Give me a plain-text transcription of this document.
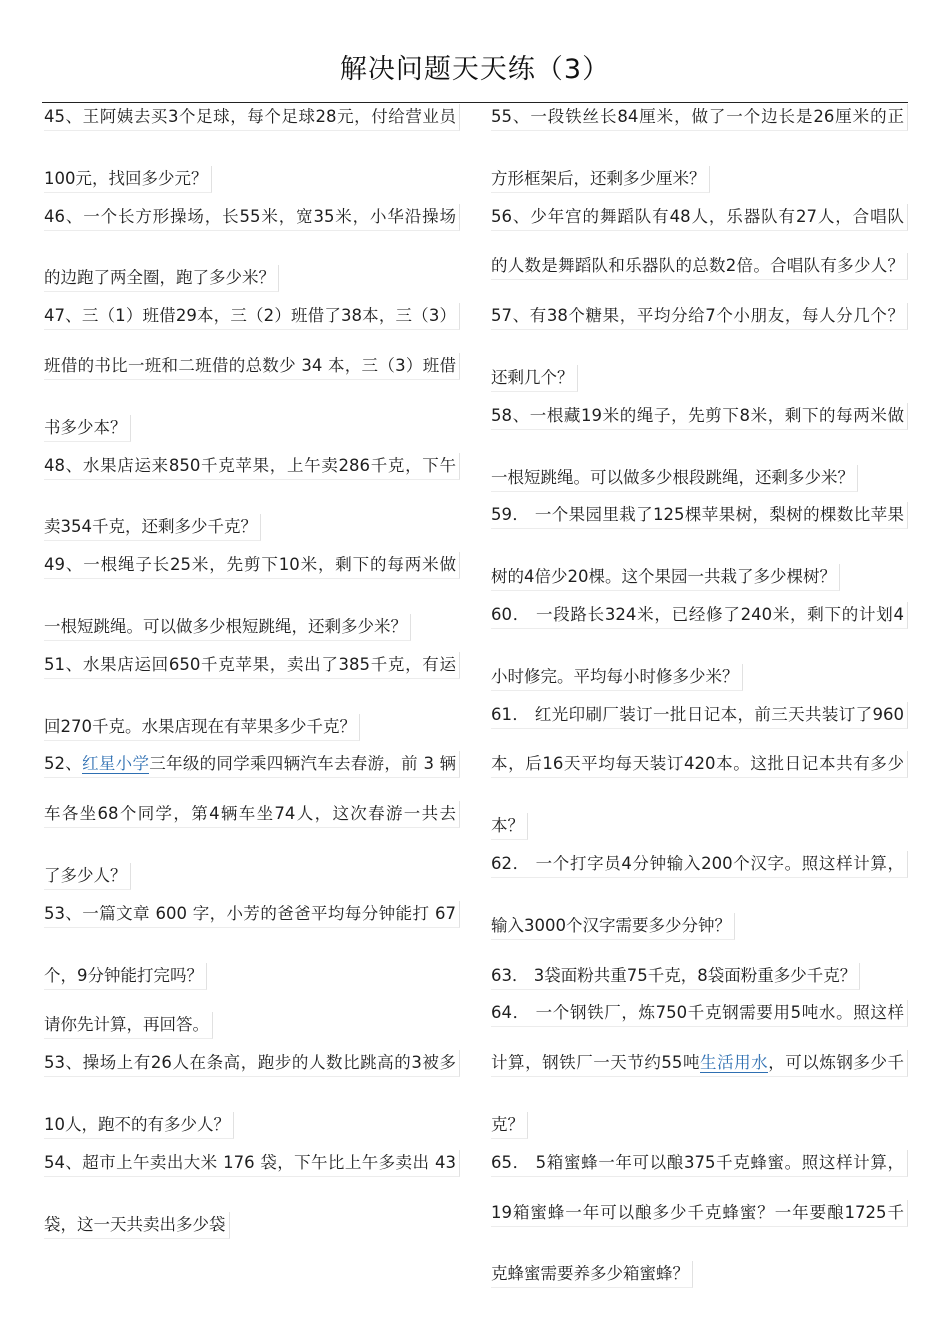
解决问题天天练（3）
45、王阿姨去买3个足球，每个足球28元，付给营业员
100元，找回多少元？
46、一个长方形操场，长55米，宽35米，小华沿操场
的边跑了两全圈，跑了多少米？
47、三（1）班借29本，三（2）班借了38本，三（3）
班借的书比一班和二班借的总数少 34 本，三（3）班借
书多少本？
48、水果店运来850千克苹果，上午卖286千克，下午
卖354千克，还剩多少千克？
49、一根绳子长25米，先剪下10米，剩下的每两米做
一根短跳绳。可以做多少根短跳绳，还剩多少米？
51、水果店运回650千克苹果，卖出了385千克，有运
回270千克。水果店现在有苹果多少千克？
52、红星小学三年级的同学乘四辆汽车去春游，前 3 辆
车各坐68个同学，第4辆车坐74人，这次春游一共去
了多少人？
53、一篇文章 600 字，小芳的爸爸平均每分钟能打 67
个，9分钟能打完吗？
请你先计算，再回答。
53、操场上有26人在条高，跑步的人数比跳高的3被多
10人，跑不的有多少人？
54、超市上午卖出大米 176 袋，下午比上午多卖出 43
袋，这一天共卖出多少袋
55、一段铁丝长84厘米，做了一个边长是26厘米的正
方形框架后，还剩多少厘米？
56、少年宫的舞蹈队有48人，乐器队有27人，合唱队
的人数是舞蹈队和乐器队的总数2倍。合唱队有多少人？
57、有38个糖果，平均分给7个小朋友，每人分几个？
还剩几个？
58、一根藏19米的绳子，先剪下8米，剩下的每两米做
一根短跳绳。可以做多少根段跳绳，还剩多少米？
59． 一个果园里栽了125棵苹果树，梨树的棵数比苹果
树的4倍少20棵。这个果园一共栽了多少棵树？
60． 一段路长324米，已经修了240米，剩下的计划4
小时修完。平均每小时修多少米？
61． 红光印刷厂装订一批日记本，前三天共装订了960
本，后16天平均每天装订420本。这批日记本共有多少
本？
62． 一个打字员4分钟输入200个汉字。照这样计算，
输入3000个汉字需要多少分钟？
63． 3袋面粉共重75千克，8袋面粉重多少千克？
64． 一个钢铁厂，炼750千克钢需要用5吨水。照这样
计算，钢铁厂一天节约55吨生活用水，可以炼钢多少千
克？
65． 5箱蜜蜂一年可以酿375千克蜂蜜。照这样计算，
19箱蜜蜂一年可以酿多少千克蜂蜜？一年要酿1725千
克蜂蜜需要养多少箱蜜蜂？
